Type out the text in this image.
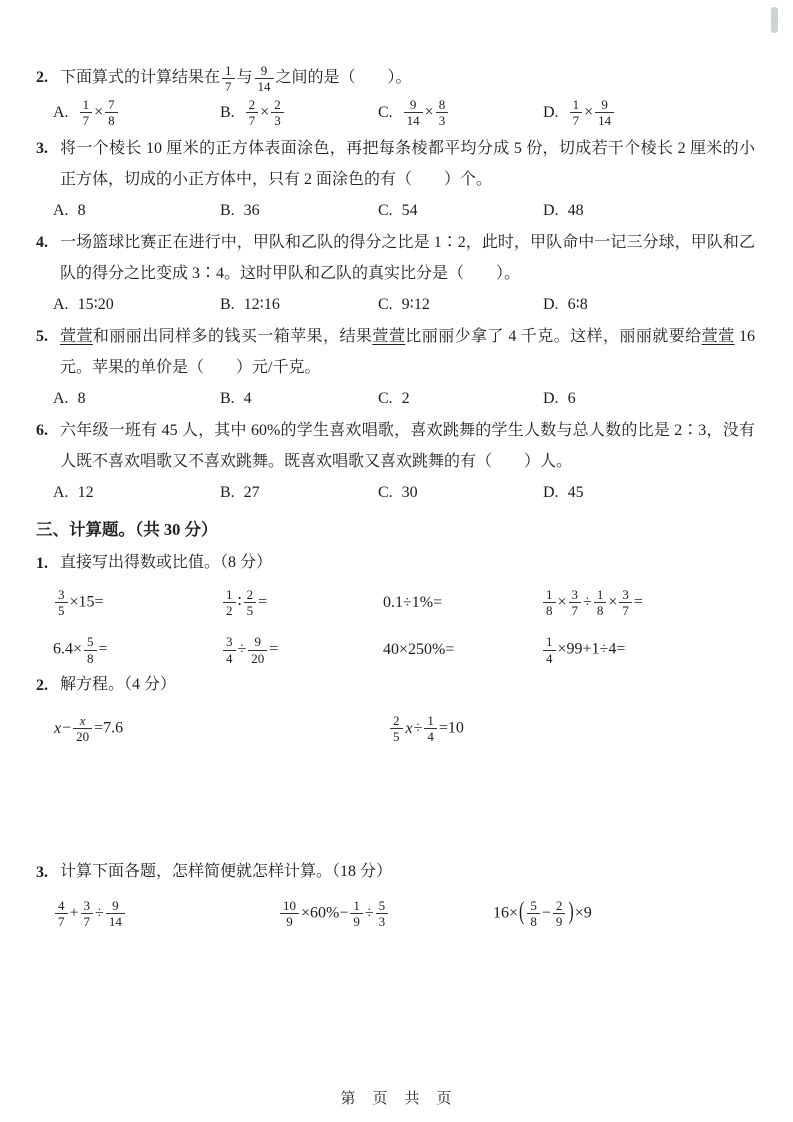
2. 下面算式的计算结果在 $\frac{1}{7}$ 与 $\frac{9}{14}$ 之间的是（　　）。

A. $\frac{1}{7} \times \frac{7}{8}$	B. $\frac{2}{7} \times \frac{2}{3}$	C. $\frac{9}{14} \times \frac{8}{3}$	D. $\frac{1}{7} \times \frac{9}{14}$
3. 将一个棱长 10 厘米的正方体表面涂色，再把每条棱都平均分成 5 份，切成若干个棱长 2 厘米的小正方体，切成的小正方体中，只有 2 面涂色的有（　　）个。

A. 8	B. 36	C. 54	D. 48
4. 一场篮球比赛正在进行中，甲队和乙队的得分之比是 1∶2，此时，甲队命中一记三分球，甲队和乙队的得分之比变成 3∶4。这时甲队和乙队的真实比分是（　　）。

A. 15∶20	B. 12∶16	C. 9∶12	D. 6∶8
5. 萱萱和丽丽出同样多的钱买一箱苹果，结果萱萱比丽丽少拿了 4 千克。这样，丽丽就要给萱萱 16 元。苹果的单价是（　　）元/千克。

A. 8	B. 4	C. 2	D. 6
6. 六年级一班有 45 人，其中 60%的学生喜欢唱歌，喜欢跳舞的学生人数与总人数的比是 2∶3，没有人既不喜欢唱歌又不喜欢跳舞。既喜欢唱歌又喜欢跳舞的有（　　）人。

A. 12	B. 27	C. 30	D. 45
三、计算题。（共 30 分）
1. 直接写出得数或比值。（8 分）

$\frac{3}{5} \times 15=$	$\frac{1}{2}$ ∶ $\frac{2}{5}$ =	0.1÷1%=	$\frac{1}{8} \times \frac{3}{7} \div \frac{1}{8} \times \frac{3}{7}$ =
$6.4\times \frac{5}{8}$ =	$\frac{3}{4} \div \frac{9}{20}$ =	40×250%=	$\frac{1}{4} \times 99+1\div 4=$
2. 解方程。（4 分）

$x- \frac{x}{20} =7.6$	$\frac{2}{5} x\div \frac{1}{4} =10$
3. 计算下面各题，怎样简便就怎样计算。（18 分）

$\frac{4}{7} + \frac{3}{7} \div \frac{9}{14}$	$\frac{10}{9} \times 60\%- \frac{1}{9} \div \frac{5}{3}$	$16\times( \frac{5}{8} - \frac{2}{9} )\times 9$
第　页　共　页
